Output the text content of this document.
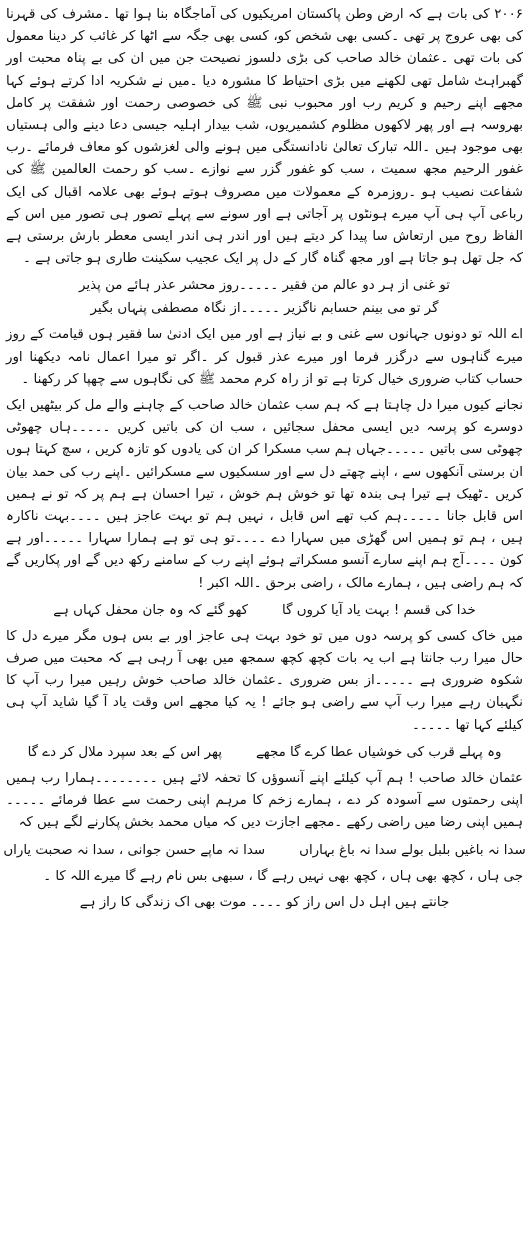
۲۰۰۶ کی بات ہے کہ ارض وطن پاکستان امریکیوں کی آماجگاہ بنا ہوا تھا ۔مشرف کی قہرنا کی بھی عروج پر تھی ۔کسی بھی شخص کو، کسی بھی جگہ سے اٹھا کر غائب کر دینا معمول کی بات تھی ۔عثمان خالد صاحب کی بڑی دلسوز نصیحت جن میں ان کی بے پناہ محبت اور گھبراہٹ شامل تھی لکھنے میں بڑی احتیاط کا مشورہ دیا ۔میں نے شکریہ ادا کرتے ہوئے کہا مجھے اپنے رحیم و کریم رب اور محبوب نبی ﷺ کی خصوصی رحمت اور شفقت پر کامل بھروسہ ہے اور پھر لاکھوں مظلوم کشمیریوں، شب بیدار اہلیہ جیسی دعا دینے والی ہستیاں بھی موجود ہیں ۔اللہ تبارک تعالیٰ نادانستگی میں ہونے والی لغزشوں کو معاف فرمائے ۔رب غفور الرحیم مجھ سمیت ، سب کو غفور گزر سے نوازے ۔سب کو رحمت العالمین ﷺ کی شفاعت نصیب ہو ۔روزمرہ کے معمولات میں مصروف ہوتے ہوئے بھی علامہ اقبال کی ایک رباعی آپ ہی آپ میرے ہونٹوں پر آجاتی ہے اور سونے سے پہلے تصور ہی تصور میں اس کے الفاظ روح میں ارتعاش سا پیدا کر دیتے ہیں اور اندر ہی اندر ایسی معطر بارش برستی ہے کہ جل تھل ہو جاتا ہے اور مجھ گناہ گار کے دل پر ایک عجیب سکینت طاری ہو جاتی ہے ۔

تو غنی از ہر دو عالم من فقیر ۔۔۔۔۔روز محشر عذر ہائے من پذیر

گر تو می بینم حسابم ناگزیر ۔۔۔۔۔از نگاہ مصطفی پنہاں بگیر

اے اللہ تو دونوں جہانوں سے غنی و بے نیاز ہے اور میں ایک ادنیٰ سا فقیر ہوں قیامت کے روز میرے گناہوں سے درگزر فرما اور میرے عذر قبول کر ۔اگر تو میرا اعمال نامہ دیکھنا اور حساب کتاب ضروری خیال کرتا ہے تو از راہ کرم محمد ﷺ کی نگاہوں سے چھپا کر رکھنا ۔

نجانے کیوں میرا دل چاہتا ہے کہ ہم سب عثمان خالد صاحب کے چاہنے والے مل کر بیٹھیں ایک دوسرے کو پرسہ دیں ایسی محفل سجائیں ، سب ان کی باتیں کریں ۔۔۔۔۔ہاں چھوٹی چھوٹی سی باتیں ۔۔۔۔۔جہاں ہم سب مسکرا کر ان کی یادوں کو تازہ کریں ، سچ کہتا ہوں ان برستی آنکھوں سے ، اپنے چھتے دل سے اور سسکیوں سے مسکرائیں ۔اپنے رب کی حمد بیان کریں ۔ٹھیک ہے تیرا ہی بندہ تھا تو خوش ہم خوش ، تیرا احسان ہے ہم پر کہ تو نے ہمیں اس قابل جانا ۔۔۔۔۔ہم کب تھے اس قابل ، نہیں ہم تو بہت عاجز ہیں ۔۔۔۔بہت ناکارہ ہیں ، ہم تو ہمیں اس گھڑی میں سہارا دے ۔۔۔۔تو ہی تو ہے ہمارا سہارا ۔۔۔۔۔اور ہے کون ۔۔۔۔آج ہم اپنے سارے آنسو مسکراتے ہوئے اپنے رب کے سامنے رکھ دیں گے اور پکاریں گے کہ ہم راضی ہیں ، ہمارے مالک ، راضی برحق ۔اللہ اکبر !

خدا کی قسم ! بہت یاد آیا کروں گا
کھو گئے کہ وہ جان محفل کہاں ہے

میں خاک کسی کو پرسہ دوں میں تو خود بہت ہی عاجز اور بے بس ہوں مگر میرے دل کا حال میرا رب جانتا ہے اب یہ بات کچھ کچھ سمجھ میں بھی آ رہی ہے کہ محبت میں صرف شکوہ ضروری ہے ۔۔۔۔۔از بس ضروری ۔عثمان خالد صاحب خوش رہیں میرا رب آپ کا نگہبان رہے میرا رب آپ سے راضی ہو جائے ! یہ کیا مجھے اس وقت یاد آ گیا شاید آپ ہی کیلئے کہا تھا ۔۔۔۔۔

وہ پہلے قرب کی خوشیاں عطا کرے گا مجھے
پھر اس کے بعد سپرد ملال کر دے گا

عثمان خالد صاحب ! ہم آپ کیلئے اپنے آنسوؤں کا تحفہ لائے ہیں ۔۔۔۔۔۔۔۔ہمارا رب ہمیں اپنی رحمتوں سے آسودہ کر دے ، ہمارے زخم کا مرہم اپنی رحمت سے عطا فرمائے ۔۔۔۔۔ہمیں اپنی رضا میں راضی رکھے ۔مجھے اجازت دیں کہ میاں محمد بخش پکارنے لگے ہیں کہ

سدا نہ باغیں بلبل بولے سدا نہ باغ بہاراں
سدا نہ ماپے حسن جوانی ، سدا نہ صحبت یاراں

جی ہاں ، کچھ بھی ہاں ، کچھ بھی نہیں رہے گا ، سبھی بس نام رہے گا میرے اللہ کا ۔

جانتے ہیں اہل دل اس راز کو ۔۔۔۔ موت بھی اک زندگی کا راز ہے
